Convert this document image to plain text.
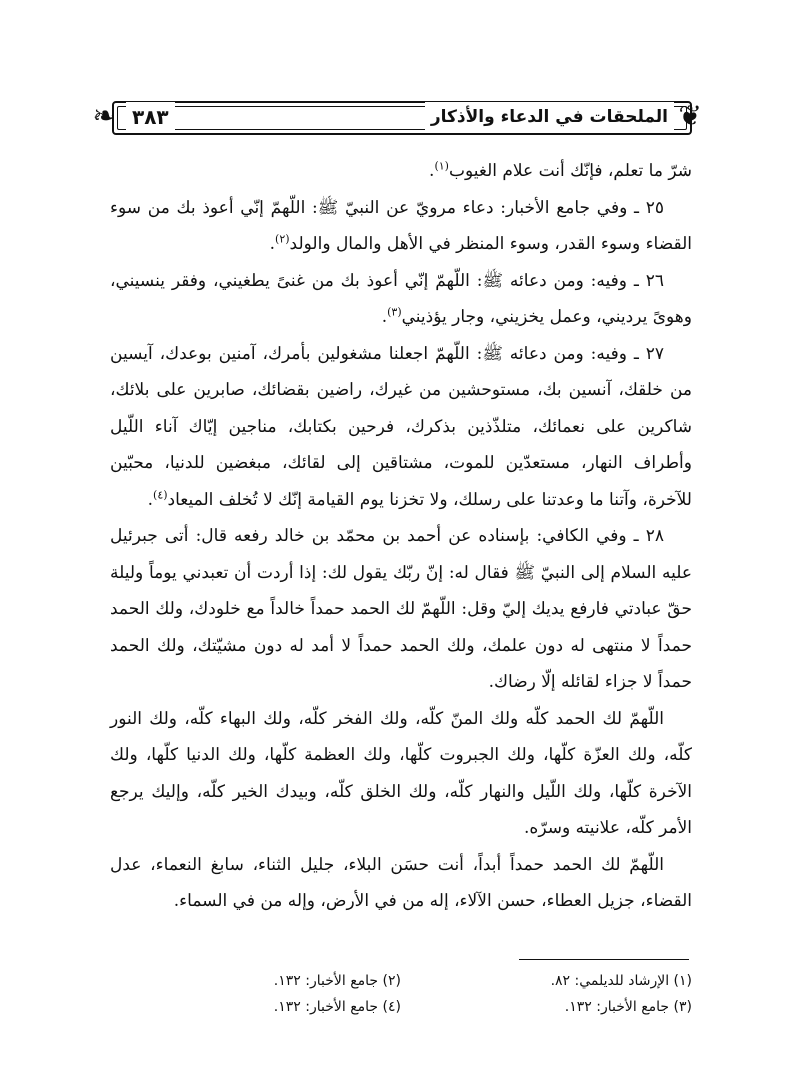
❦
❧	الملحقات في الدعاء والأذكار
٣٨٣

شرّ ما تعلم، فإنّك أنت علام الغيوب$^{(١)}$.

٢٥ ـ وفي جامع الأخبار: دعاء مرويّ عن النبيّ ﷺ: اللّهمّ إنّي أعوذ بك من سوء القضاء وسوء القدر، وسوء المنظر في الأهل والمال والولد$^{(٢)}$.

٢٦ ـ وفيه: ومن دعائه ﷺ: اللّهمّ إنّي أعوذ بك من غنىً يطغيني، وفقر ينسيني، وهوىً يرديني، وعمل يخزيني، وجار يؤذيني$^{(٣)}$.

٢٧ ـ وفيه: ومن دعائه ﷺ: اللّهمّ اجعلنا مشغولين بأمرك، آمنين بوعدك، آيسين من خلقك، آنسين بك، مستوحشين من غيرك، راضين بقضائك، صابرين على بلائك، شاكرين على نعمائك، متلذّذين بذكرك، فرحين بكتابك، مناجين إيّاك آناء اللّيل وأطراف النهار، مستعدّين للموت، مشتاقين إلى لقائك، مبغضين للدنيا، محبّين للآخرة، وآتنا ما وعدتنا على رسلك، ولا تخزنا يوم القيامة إنّك لا تُخلف الميعاد$^{(٤)}$.

٢٨ ـ وفي الكافي: بإسناده عن أحمد بن محمّد بن خالد رفعه قال: أتى جبرئيل عليه السلام إلى النبيّ ﷺ فقال له: إنّ ربّك يقول لك: إذا أردت أن تعبدني يوماً وليلة حقّ عبادتي فارفع يديك إليّ وقل: اللّهمّ لك الحمد حمداً خالداً مع خلودك، ولك الحمد حمداً لا منتهى له دون علمك، ولك الحمد حمداً لا أمد له دون مشيّتك، ولك الحمد حمداً لا جزاء لقائله إلّا رضاك.

اللّهمّ لك الحمد كلّه ولك المنّ كلّه، ولك الفخر كلّه، ولك البهاء كلّه، ولك النور كلّه، ولك العزّة كلّها، ولك الجبروت كلّها، ولك العظمة كلّها، ولك الدنيا كلّها، ولك الآخرة كلّها، ولك اللّيل والنهار كلّه، ولك الخلق كلّه، وبيدك الخير كلّه، وإليك يرجع الأمر كلّه، علانيته وسرّه.

اللّهمّ لك الحمد حمداً أبداً، أنت حسَن البلاء، جليل الثناء، سابغ النعماء، عدل القضاء، جزيل العطاء، حسن الآلاء، إله من في الأرض، وإله من في السماء.

(١) الإرشاد للديلمي: ٨٢.
(٢) جامع الأخبار: ١٣٢.
(٣) جامع الأخبار: ١٣٢.
(٤) جامع الأخبار: ١٣٢.
